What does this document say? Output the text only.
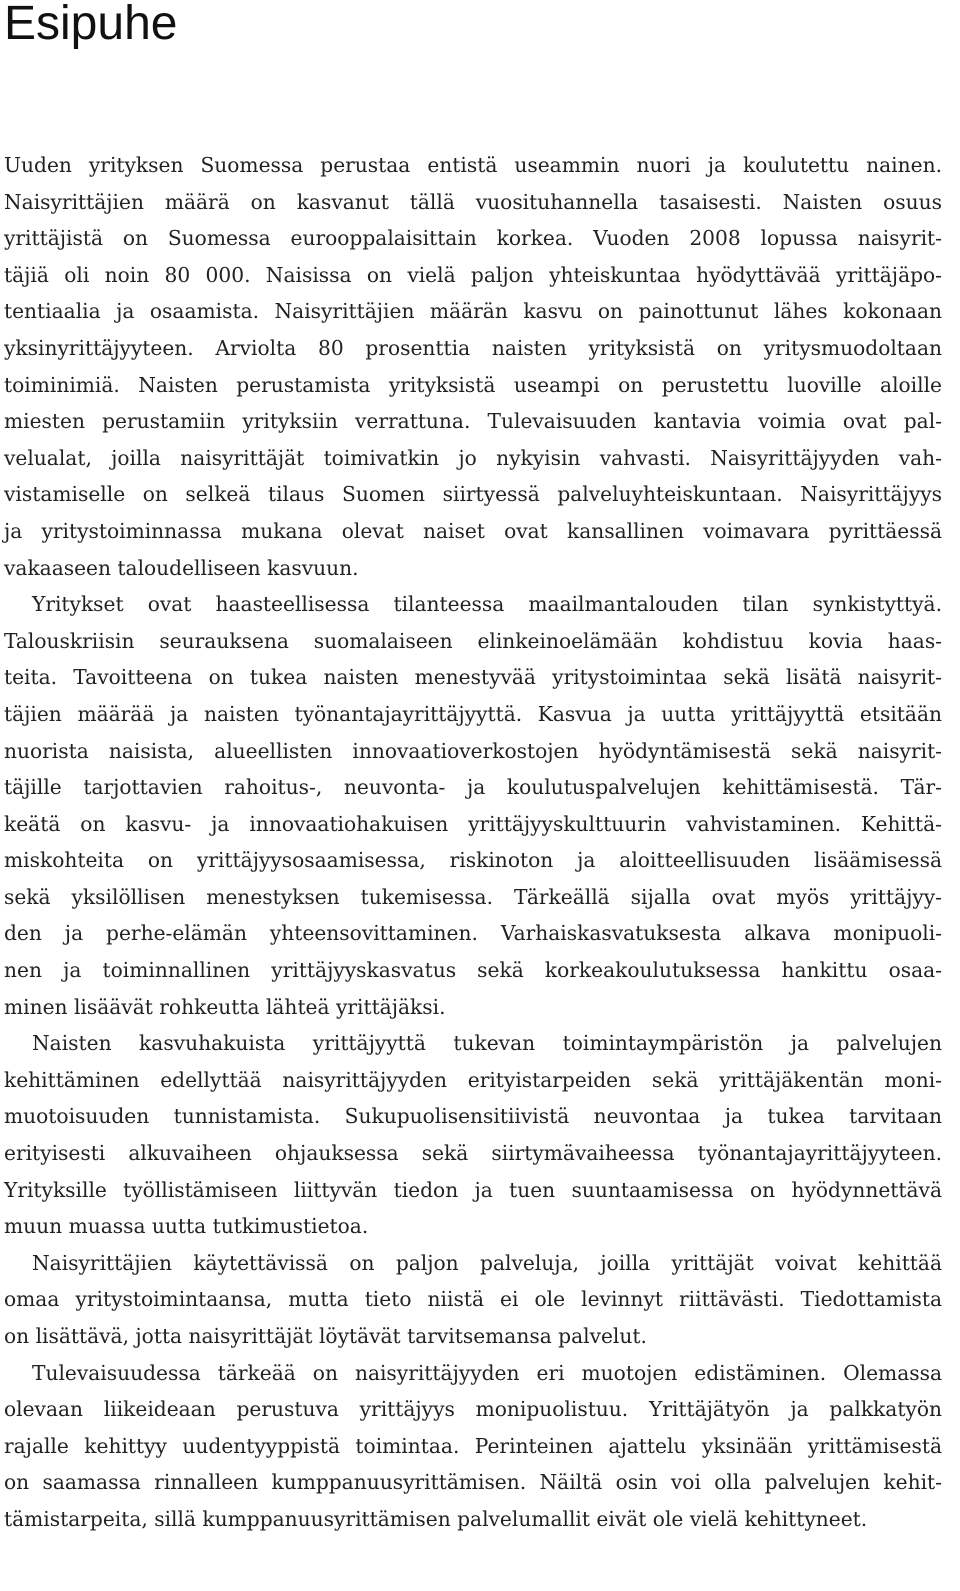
Esipuhe
Uuden yrityksen Suomessa perustaa entistä useammin nuori ja koulutettu nainen.
Naisyrittäjien määrä on kasvanut tällä vuosituhannella tasaisesti. Naisten osuus
yrittäjistä on Suomessa eurooppalaisittain korkea. Vuoden 2008 lopussa naisyrit-
täjiä oli noin 80 000. Naisissa on vielä paljon yhteiskuntaa hyödyttävää yrittäjäpo-
tentiaalia ja osaamista. Naisyrittäjien määrän kasvu on painottunut lähes kokonaan
yksinyrittäjyyteen. Arviolta 80 prosenttia naisten yrityksistä on yritysmuodoltaan
toiminimiä. Naisten perustamista yrityksistä useampi on perustettu luoville aloille
miesten perustamiin yrityksiin verrattuna. Tulevaisuuden kantavia voimia ovat pal-
velualat, joilla naisyrittäjät toimivatkin jo nykyisin vahvasti. Naisyrittäjyyden vah-
vistamiselle on selkeä tilaus Suomen siirtyessä palveluyhteiskuntaan. Naisyrittäjyys
ja yritystoiminnassa mukana olevat naiset ovat kansallinen voimavara pyrittäessä
vakaaseen taloudelliseen kasvuun.
Yritykset ovat haasteellisessa tilanteessa maailmantalouden tilan synkistyttyä.
Talouskriisin seurauksena suomalaiseen elinkeinoelämään kohdistuu kovia haas-
teita. Tavoitteena on tukea naisten menestyvää yritystoimintaa sekä lisätä naisyrit-
täjien määrää ja naisten työnantajayrittäjyyttä. Kasvua ja uutta yrittäjyyttä etsitään
nuorista naisista, alueellisten innovaatioverkostojen hyödyntämisestä sekä naisyrit-
täjille tarjottavien rahoitus-, neuvonta- ja koulutuspalvelujen kehittämisestä. Tär-
keätä on kasvu- ja innovaatiohakuisen yrittäjyyskulttuurin vahvistaminen. Kehittä-
miskohteita on yrittäjyysosaamisessa, riskinoton ja aloitteellisuuden lisäämisessä
sekä yksilöllisen menestyksen tukemisessa. Tärkeällä sijalla ovat myös yrittäjyy-
den ja perhe-elämän yhteensovittaminen. Varhaiskasvatuksesta alkava monipuoli-
nen ja toiminnallinen yrittäjyyskasvatus sekä korkeakoulutuksessa hankittu osaa-
minen lisäävät rohkeutta lähteä yrittäjäksi.
Naisten kasvuhakuista yrittäjyyttä tukevan toimintaympäristön ja palvelujen
kehittäminen edellyttää naisyrittäjyyden erityistarpeiden sekä yrittäjäkentän moni-
muotoisuuden tunnistamista. Sukupuolisensitiivistä neuvontaa ja tukea tarvitaan
erityisesti alkuvaiheen ohjauksessa sekä siirtymävaiheessa työnantajayrittäjyyteen.
Yrityksille työllistämiseen liittyvän tiedon ja tuen suuntaamisessa on hyödynnettävä
muun muassa uutta tutkimustietoa.
Naisyrittäjien käytettävissä on paljon palveluja, joilla yrittäjät voivat kehittää
omaa yritystoimintaansa, mutta tieto niistä ei ole levinnyt riittävästi. Tiedottamista
on lisättävä, jotta naisyrittäjät löytävät tarvitsemansa palvelut.
Tulevaisuudessa tärkeää on naisyrittäjyyden eri muotojen edistäminen. Olemassa
olevaan liikeideaan perustuva yrittäjyys monipuolistuu. Yrittäjätyön ja palkkatyön
rajalle kehittyy uudentyyppistä toimintaa. Perinteinen ajattelu yksinään yrittämisestä
on saamassa rinnalleen kumppanuusyrittämisen. Näiltä osin voi olla palvelujen kehit-
tämistarpeita, sillä kumppanuusyrittämisen palvelumallit eivät ole vielä kehittyneet.
